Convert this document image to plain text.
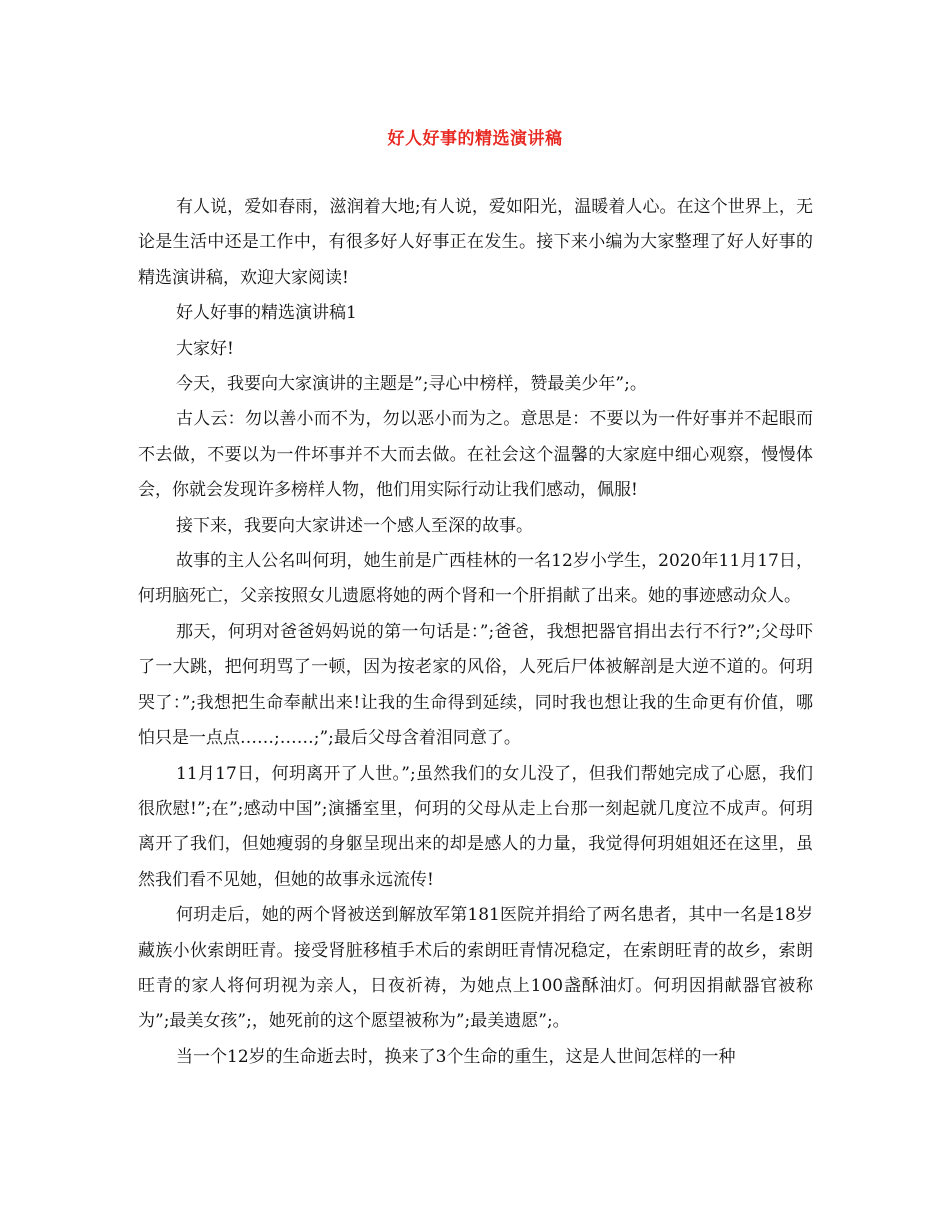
好人好事的精选演讲稿

有人说，爱如春雨，滋润着大地;有人说，爱如阳光，温暖着人心。在这个世界上，无论是生活中还是工作中，有很多好人好事正在发生。接下来小编为大家整理了好人好事的精选演讲稿，欢迎大家阅读!

好人好事的精选演讲稿1

大家好!

今天，我要向大家演讲的主题是”;寻心中榜样，赞最美少年”;。

古人云：勿以善小而不为，勿以恶小而为之。意思是：不要以为一件好事并不起眼而不去做，不要以为一件坏事并不大而去做。在社会这个温馨的大家庭中细心观察，慢慢体会，你就会发现许多榜样人物，他们用实际行动让我们感动，佩服!

接下来，我要向大家讲述一个感人至深的故事。

故事的主人公名叫何玥，她生前是广西桂林的一名12岁小学生，2020年11月17日，何玥脑死亡，父亲按照女儿遗愿将她的两个肾和一个肝捐献了出来。她的事迹感动众人。

那天，何玥对爸爸妈妈说的第一句话是：”;爸爸，我想把器官捐出去行不行?”;父母吓了一大跳，把何玥骂了一顿，因为按老家的风俗，人死后尸体被解剖是大逆不道的。何玥哭了：”;我想把生命奉献出来!让我的生命得到延续，同时我也想让我的生命更有价值，哪怕只是一点点……;……;”;最后父母含着泪同意了。

11月17日，何玥离开了人世。”;虽然我们的女儿没了，但我们帮她完成了心愿，我们很欣慰!”;在”;感动中国”;演播室里，何玥的父母从走上台那一刻起就几度泣不成声。何玥离开了我们，但她瘦弱的身躯呈现出来的却是感人的力量，我觉得何玥姐姐还在这里，虽然我们看不见她，但她的故事永远流传!

何玥走后，她的两个肾被送到解放军第181医院并捐给了两名患者，其中一名是18岁藏族小伙索朗旺青。接受肾脏移植手术后的索朗旺青情况稳定，在索朗旺青的故乡，索朗旺青的家人将何玥视为亲人，日夜祈祷，为她点上100盏酥油灯。何玥因捐献器官被称为”;最美女孩”;，她死前的这个愿望被称为”;最美遗愿”;。

当一个12岁的生命逝去时，换来了3个生命的重生，这是人世间怎样的一种
